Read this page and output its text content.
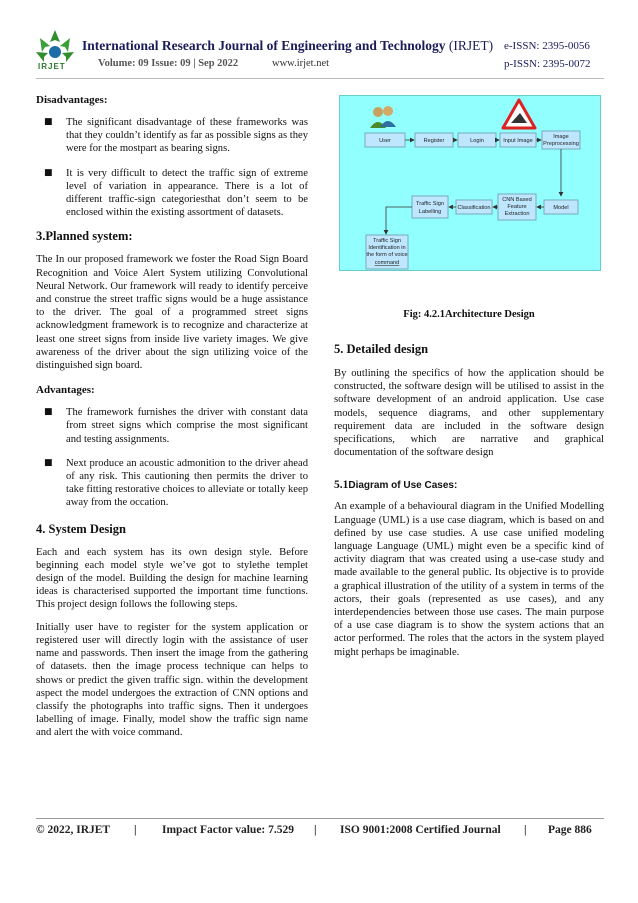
IRJET
International Research Journal of Engineering and Technology (IRJET) e-ISSN: 2395-0056
Volume: 09 Issue: 09 | Sep 2022	www.irjet.net	p-ISSN: 2395-0072
Disadvantages:
■ The significant disadvantage of these frameworks was that they couldn’t identify as far as possible signs as they were for the mostpart as bearing signs.

■ It is very difficult to detect the traffic sign of extreme level of variation in appearance. There is a lot of different traffic-sign categoriesthat don’t seem to be enclosed within the existing assortment of datasets.

3.Planned system:

The In our proposed framework we foster the Road Sign Board Recognition and Voice Alert System utilizing Convolutional Neural Network. Our framework will ready to identify perceive and construe the street traffic signs would be a huge assistance to the driver. The goal of a programmed street signs acknowledgment framework is to recognize and characterize at least one street signs from inside live variety images. We give awareness of the driver about the sign utilizing voice of the distinguished sign board.

Advantages:
■ The framework furnishes the driver with constant data from street signs which comprise the most significant and testing assignments.

■ Next produce an acoustic admonition to the driver ahead of any risk. This cautioning then permits the driver to take fitting restorative choices to alleviate or totally keep away from the occation.

4. System Design

Each and each system has its own design style. Before beginning each model style we’ve got to stylethe templet design of the model. Building the design for machine learning ideas is characterised supported the important time functions. This project design follows the following steps.

Initially user have to register for the system application or registered user will directly login with the assistance of user name and passwords. Then insert the image from the gathering of datasets. then the image process technique can helps to shows or predict the given traffic sign. within the development aspect the model undergoes the extraction of CNN options and classify the photographs into traffic signs. Then it undergoes labelling of image. Finally, model show the traffic sign name and alert the with voice command.

User	Register	Login	Input Image
Image
Preprocessing
Traffic Sign
Labelling
Classification
CNN Based
Feature
Extraction
Model
Traffic Sign
Identification in
the form of voice
command
Fig: 4.2.1Architecture Design
5. Detailed design

By outlining the specifics of how the application should be constructed, the software design will be utilised to assist in the software development of an android application. Use case models, sequence diagrams, and other supplementary requirement data are included in the software design specifications, which are narrative and graphical documentation of the software design

5.1Diagram of Use Cases:

An example of a behavioural diagram in the Unified Modelling Language (UML) is a use case diagram, which is based on and defined by use case studies. A use case unified modeling language Language (UML) might even be a specific kind of activity diagram that was created using a use-case study and made available to the general public. Its objective is to provide a graphical illustration of the utility of a system in terms of the actors, their goals (represented as use cases), and any interdependencies between those use cases. The main purpose of a use case diagram is to show the system actions that an actor performed. The roles that the actors in the system played might perhaps be imaginable.

© 2022, IRJET | Impact Factor value: 7.529 | ISO 9001:2008 Certified Journal | Page 886
